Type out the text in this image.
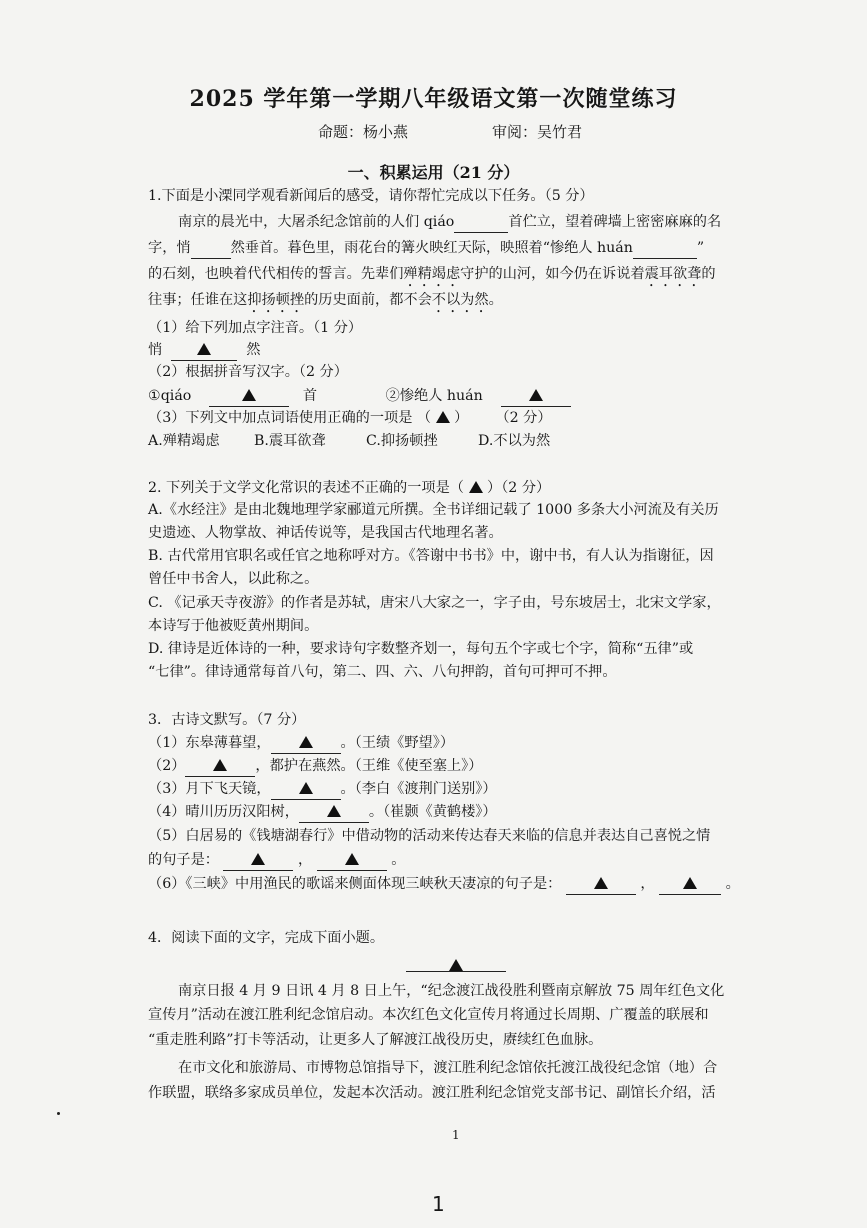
2025 学年第一学期八年级语文第一次随堂练习
命题：杨小燕	审阅：吴竹君
一、积累运用（21 分）
1.下面是小溧同学观看新闻后的感受，请你帮忙完成以下任务。（5 分）
南京的晨光中，大屠杀纪念馆前的人们 qiáo	首伫立，望着碑墙上密密麻麻的名
字，悄	然垂首。暮色里，雨花台的篝火映红天际，映照着“惨绝人 huán	”
的石刻，也映着代代相传的誓言。先辈们殚精竭虑守护的山河，如今仍在诉说着震耳欲聋的
往事；任谁在这抑扬顿挫的历史面前，都不会不以为然。
（1）给下列加点字注音。（1 分）
悄	然
（2）根据拼音写汉字。（2 分）
①qiáo	首	②惨绝人 huán
（3）下列文中加点词语使用正确的一项是 （ ） （2 分）
A.殚精竭虑 B.震耳欲聋	C.抑扬顿挫	D.不以为然
2. 下列关于文学文化常识的表述不正确的一项是（ ）（2 分）
A.《水经注》是由北魏地理学家郦道元所撰。全书详细记载了 1000 多条大小河流及有关历
史遗迹、人物掌故、神话传说等，是我国古代地理名著。
B. 古代常用官职名或任官之地称呼对方。《答谢中书书》中，谢中书，有人认为指谢征，因
曾任中书舍人，以此称之。
C. 《记承天寺夜游》的作者是苏轼，唐宋八大家之一，字子由，号东坡居士，北宋文学家，
本诗写于他被贬黄州期间。
D. 律诗是近体诗的一种，要求诗句字数整齐划一，每句五个字或七个字，简称“五律”或
“七律”。律诗通常每首八句，第二、四、六、八句押韵，首句可押可不押。
3．古诗文默写。（7 分）
（1）东皋薄暮望，	。（王绩《野望》）
（2）	，都护在燕然。（王维《使至塞上》）
（3）月下飞天镜，	。（李白《渡荆门送别》）
（4）晴川历历汉阳树，	。（崔颢《黄鹤楼》）
（5）白居易的《钱塘湖春行》中借动物的活动来传达春天来临的信息并表达自己喜悦之情
的句子是：	，	。
（6）《三峡》中用渔民的歌谣来侧面体现三峡秋天凄凉的句子是：	，	。
4．阅读下面的文字，完成下面小题。
南京日报 4 月 9 日讯 4 月 8 日上午，“纪念渡江战役胜利暨南京解放 75 周年红色文化
宣传月”活动在渡江胜利纪念馆启动。本次红色文化宣传月将通过长周期、广覆盖的联展和
“重走胜利路”打卡等活动，让更多人了解渡江战役历史，赓续红色血脉。
在市文化和旅游局、市博物总馆指导下，渡江胜利纪念馆依托渡江战役纪念馆（地）合
作联盟，联络多家成员单位，发起本次活动。渡江胜利纪念馆党支部书记、副馆长介绍，活
1
1
